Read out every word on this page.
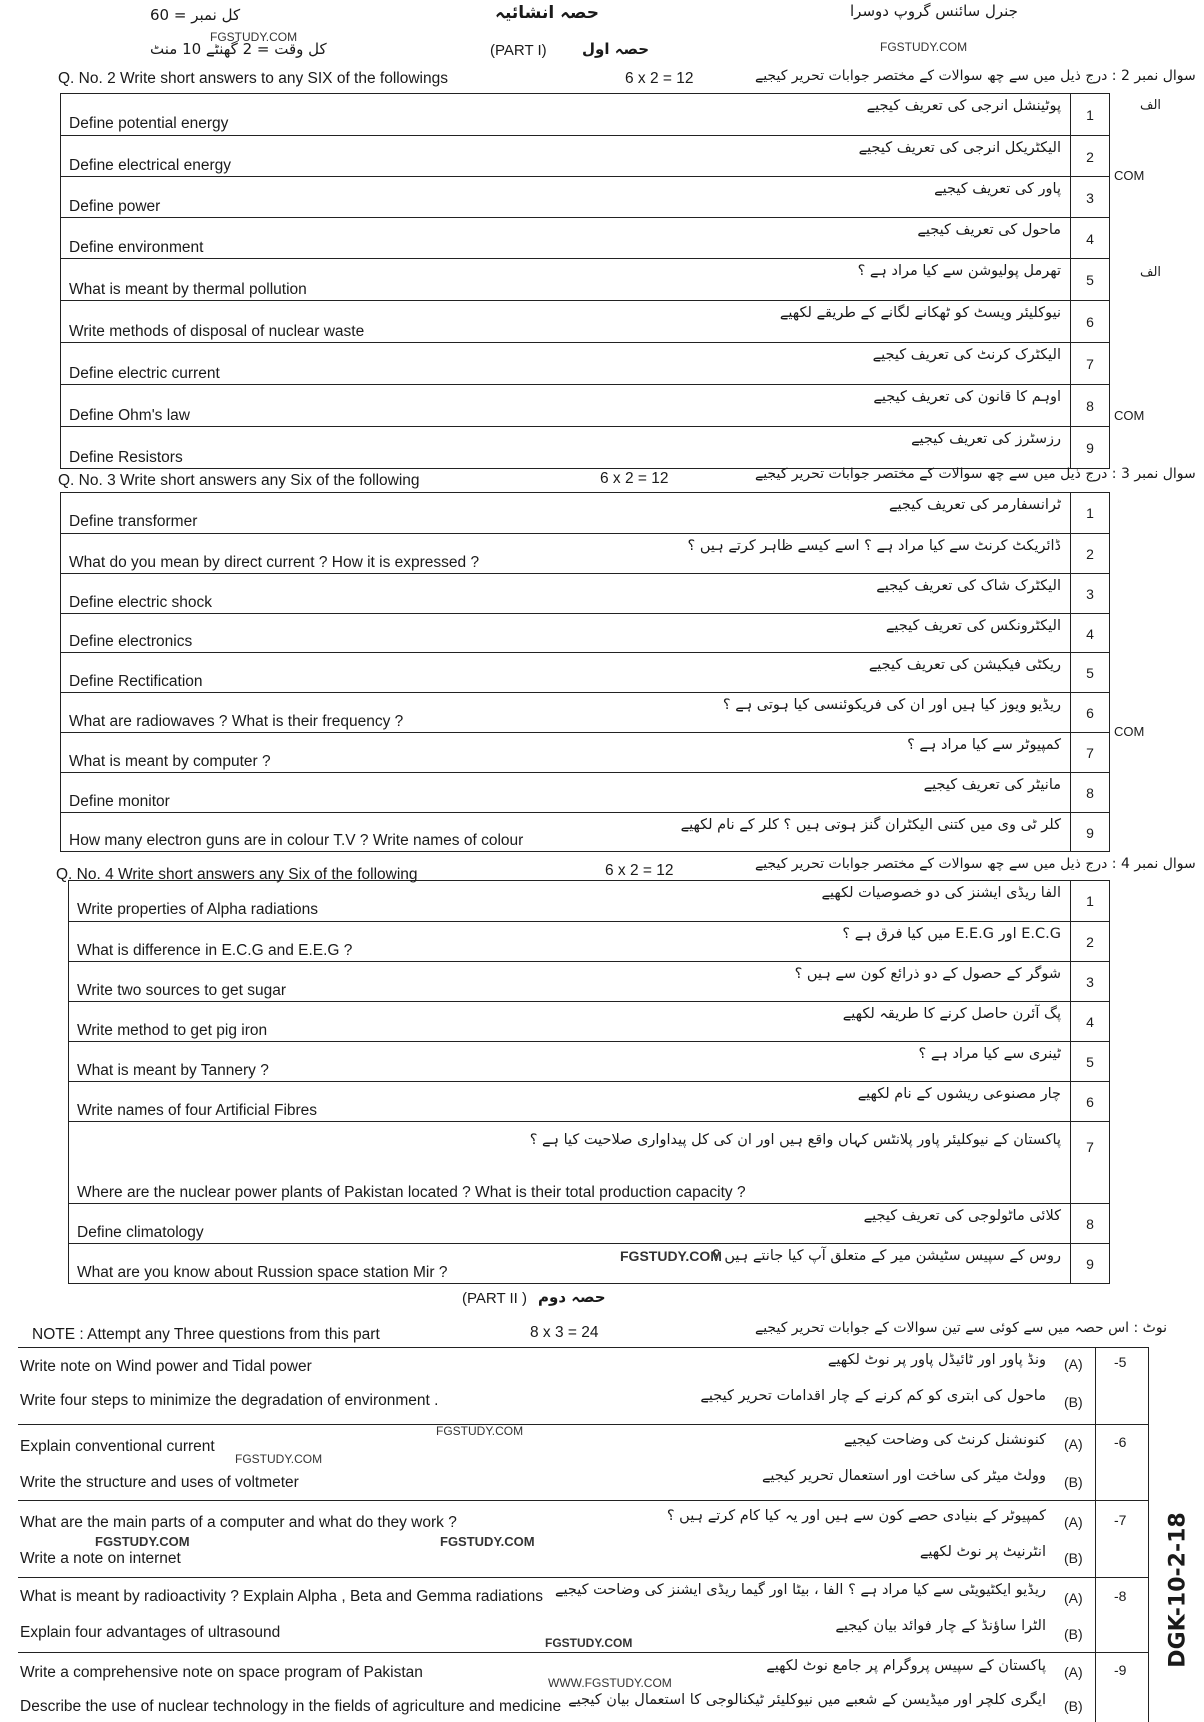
کل نمبر = 60
کل وقت = 2 گھنٹے 10 منٹ
حصہ انشائیہ	جنرل سائنس گروپ دوسرا
FGSTUDY.COM
FGSTUDY.COM
(PART I) حصہ اول
Q. No. 2 Write short answers to any SIX of the followings	6 x 2 = 12	سوال نمبر 2 : درج ذیل میں سے چھ سوالات کے مختصر جوابات تحریر کیجیے
الف
COM
الف
COM
Define potential energy
پوٹینشل انرجی کی تعریف کیجیے
1
Define electrical energy
الیکٹریکل انرجی کی تعریف کیجیے
2
Define power
پاور کی تعریف کیجیے
3
Define environment
ماحول کی تعریف کیجیے
4
What is meant by thermal pollution
تھرمل پولیوشن سے کیا مراد ہے ؟
5
Write methods of disposal of nuclear waste
نیوکلیئر ویسٹ کو ٹھکانے لگانے کے طریقے لکھیے
6
Define electric current
الیکٹرک کرنٹ کی تعریف کیجیے
7
Define Ohm's law
اوہم کا قانون کی تعریف کیجیے
8
Define Resistors
رزسٹرز کی تعریف کیجیے
9
Q. No. 3 Write short answers any Six of the following	6 x 2 = 12	سوال نمبر 3 : درج ذیل میں سے چھ سوالات کے مختصر جوابات تحریر کیجیے
COM
Define transformer
ٹرانسفارمر کی تعریف کیجیے	1
What do you mean by direct current ? How it is expressed ?
ڈائریکٹ کرنٹ سے کیا مراد ہے ؟ اسے کیسے ظاہر کرتے ہیں ؟	2
Define electric shock
الیکٹرک شاک کی تعریف کیجیے	3
Define electronics
الیکٹرونکس کی تعریف کیجیے	4
Define Rectification
ریکٹی فیکیشن کی تعریف کیجیے	5
What are radiowaves ? What is their frequency ?
ریڈیو ویوز کیا ہیں اور ان کی فریکوئنسی کیا ہوتی ہے ؟	6
What is meant by computer ?
کمپیوٹر سے کیا مراد ہے ؟	7
Define monitor
مانیٹر کی تعریف کیجیے	8
How many electron guns are in colour T.V ? Write names of colour
کلر ٹی وی میں کتنی الیکٹران گنز ہوتی ہیں ؟ کلر کے نام لکھیے	9
Q. No. 4 Write short answers any Six of the following	6 x 2 = 12	سوال نمبر 4 : درج ذیل میں سے چھ سوالات کے مختصر جوابات تحریر کیجیے
Write properties of Alpha radiations
الفا ریڈی ایشنز کی دو خصوصیات لکھیے	1
What is difference in E.C.G and E.E.G ?
E.C.G اور E.E.G میں کیا فرق ہے ؟	2
Write two sources to get sugar
شوگر کے حصول کے دو ذرائع کون سے ہیں ؟	3
Write method to get pig iron
پگ آئرن حاصل کرنے کا طریقہ لکھیے	4
What is meant by Tannery ?
ٹینری سے کیا مراد ہے ؟	5
Write names of four Artificial Fibres
چار مصنوعی ریشوں کے نام لکھیے	6
Where are the nuclear power plants of Pakistan located ? What is their total production capacity ?
پاکستان کے نیوکلیئر پاور پلانٹس کہاں واقع ہیں اور ان کی کل پیداواری صلاحیت کیا ہے ؟	7
Define climatology
کلائی ماٹولوجی کی تعریف کیجیے	8
What are you know about Russion space station Mir ?
روس کے سپیس سٹیشن میر کے متعلق آپ کیا جانتے ہیں ؟	9
FGSTUDY.COM
(PART II ) حصہ دوم
NOTE : Attempt any Three questions from this part	8 x 3 = 24	نوٹ : اس حصہ میں سے کوئی سے تین سوالات کے جوابات تحریر کیجیے
Write note on Wind power and Tidal power	ونڈ پاور اور ٹائیڈل پاور پر نوٹ لکھیے (A) -5
Write four steps to minimize the degradation of environment .	ماحول کی ابتری کو کم کرنے کے چار اقدامات تحریر کیجیے (B)
Explain conventional current
FGSTUDY.COM
FGSTUDY.COM
کنونشنل کرنٹ کی وضاحت کیجیے (A) -6
Write the structure and uses of voltmeter	وولٹ میٹر کی ساخت اور استعمال تحریر کیجیے (B)
What are the main parts of a computer and what do they work ?	کمپیوٹر کے بنیادی حصے کون سے ہیں اور یہ کیا کام کرتے ہیں ؟ (A) -7
FGSTUDY.COM	FGSTUDY.COM
Write a note on internet	انٹرنیٹ پر نوٹ لکھیے (B)
What is meant by radioactivity ? Explain Alpha , Beta and Gemma radiations ریڈیو ایکٹیویٹی سے کیا مراد ہے ؟ الفا ، بیٹا اور گیما ریڈی ایشنز کی وضاحت کیجیے (A) -8
Explain four advantages of ultrasound
FGSTUDY.COM
الٹرا ساؤنڈ کے چار فوائد بیان کیجیے (B)
Write a comprehensive note on space program of Pakistan
WWW.FGSTUDY.COM
پاکستان کے سپیس پروگرام پر جامع نوٹ لکھیے (A) -9
Describe the use of nuclear technology in the fields of agriculture and medicine ایگری کلچر اور میڈیسن کے شعبے میں نیوکلیئر ٹیکنالوجی کا استعمال بیان کیجیے (B)
DGK-10-2-18
